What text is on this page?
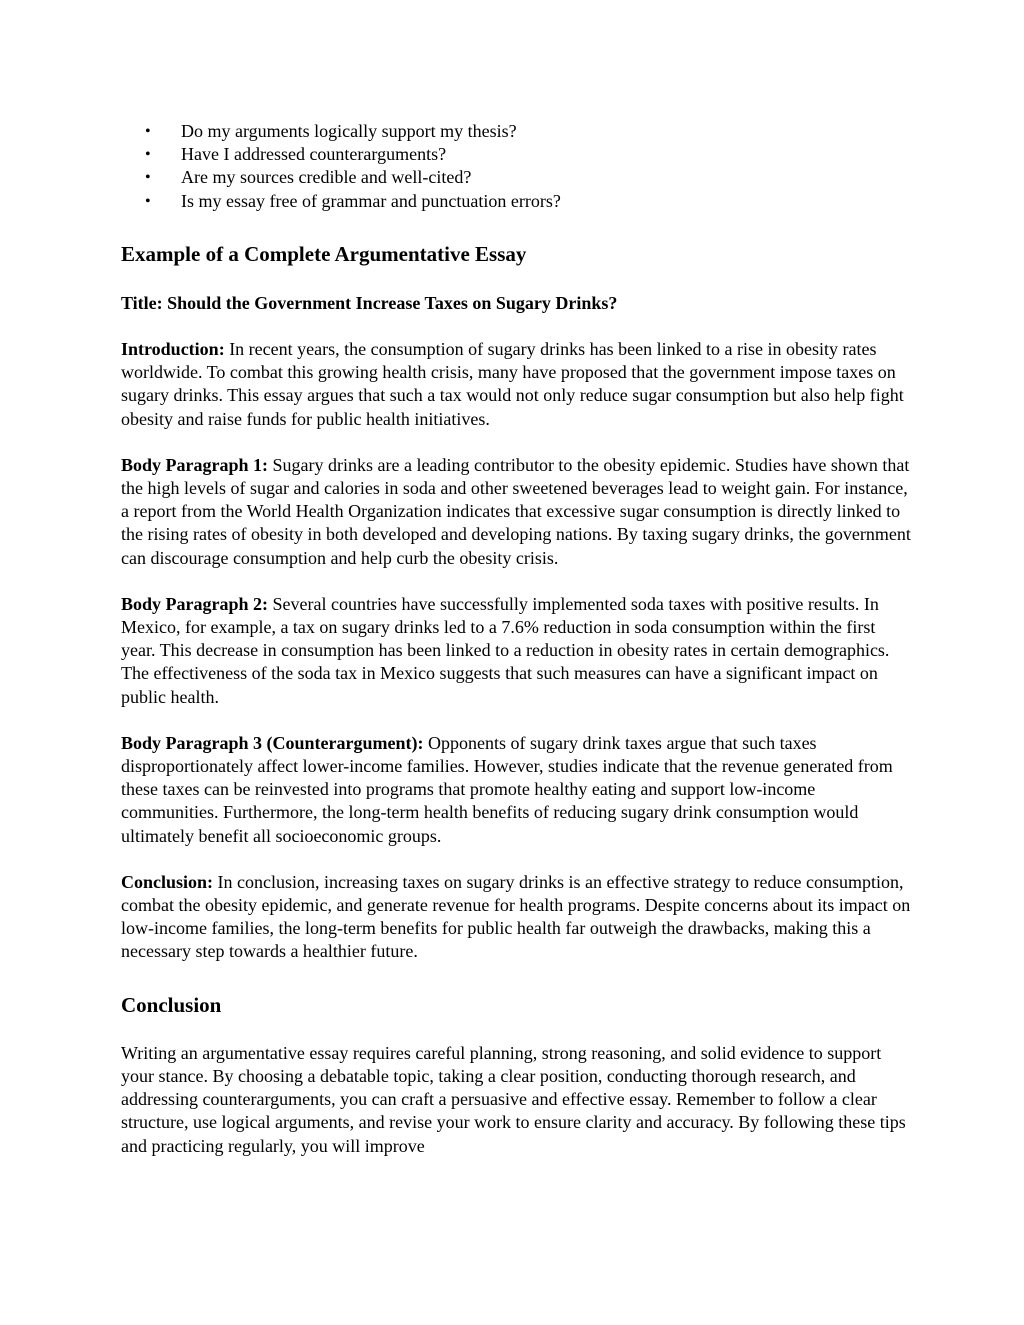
• Do my arguments logically support my thesis?
• Have I addressed counterarguments?
• Are my sources credible and well-cited?
• Is my essay free of grammar and punctuation errors?
Example of a Complete Argumentative Essay

Title: Should the Government Increase Taxes on Sugary Drinks?

Introduction: In recent years, the consumption of sugary drinks has been linked to a rise in obesity rates worldwide. To combat this growing health crisis, many have proposed that the government impose taxes on sugary drinks. This essay argues that such a tax would not only reduce sugar consumption but also help fight obesity and raise funds for public health initiatives.

Body Paragraph 1: Sugary drinks are a leading contributor to the obesity epidemic. Studies have shown that the high levels of sugar and calories in soda and other sweetened beverages lead to weight gain. For instance, a report from the World Health Organization indicates that excessive sugar consumption is directly linked to the rising rates of obesity in both developed and developing nations. By taxing sugary drinks, the government can discourage consumption and help curb the obesity crisis.

Body Paragraph 2: Several countries have successfully implemented soda taxes with positive results. In Mexico, for example, a tax on sugary drinks led to a 7.6% reduction in soda consumption within the first year. This decrease in consumption has been linked to a reduction in obesity rates in certain demographics. The effectiveness of the soda tax in Mexico suggests that such measures can have a significant impact on public health.

Body Paragraph 3 (Counterargument): Opponents of sugary drink taxes argue that such taxes disproportionately affect lower-income families. However, studies indicate that the revenue generated from these taxes can be reinvested into programs that promote healthy eating and support low-income communities. Furthermore, the long-term health benefits of reducing sugary drink consumption would ultimately benefit all socioeconomic groups.

Conclusion: In conclusion, increasing taxes on sugary drinks is an effective strategy to reduce consumption, combat the obesity epidemic, and generate revenue for health programs. Despite concerns about its impact on low-income families, the long-term benefits for public health far outweigh the drawbacks, making this a necessary step towards a healthier future.

Conclusion

Writing an argumentative essay requires careful planning, strong reasoning, and solid evidence to support your stance. By choosing a debatable topic, taking a clear position, conducting thorough research, and addressing counterarguments, you can craft a persuasive and effective essay. Remember to follow a clear structure, use logical arguments, and revise your work to ensure clarity and accuracy. By following these tips and practicing regularly, you will improve
